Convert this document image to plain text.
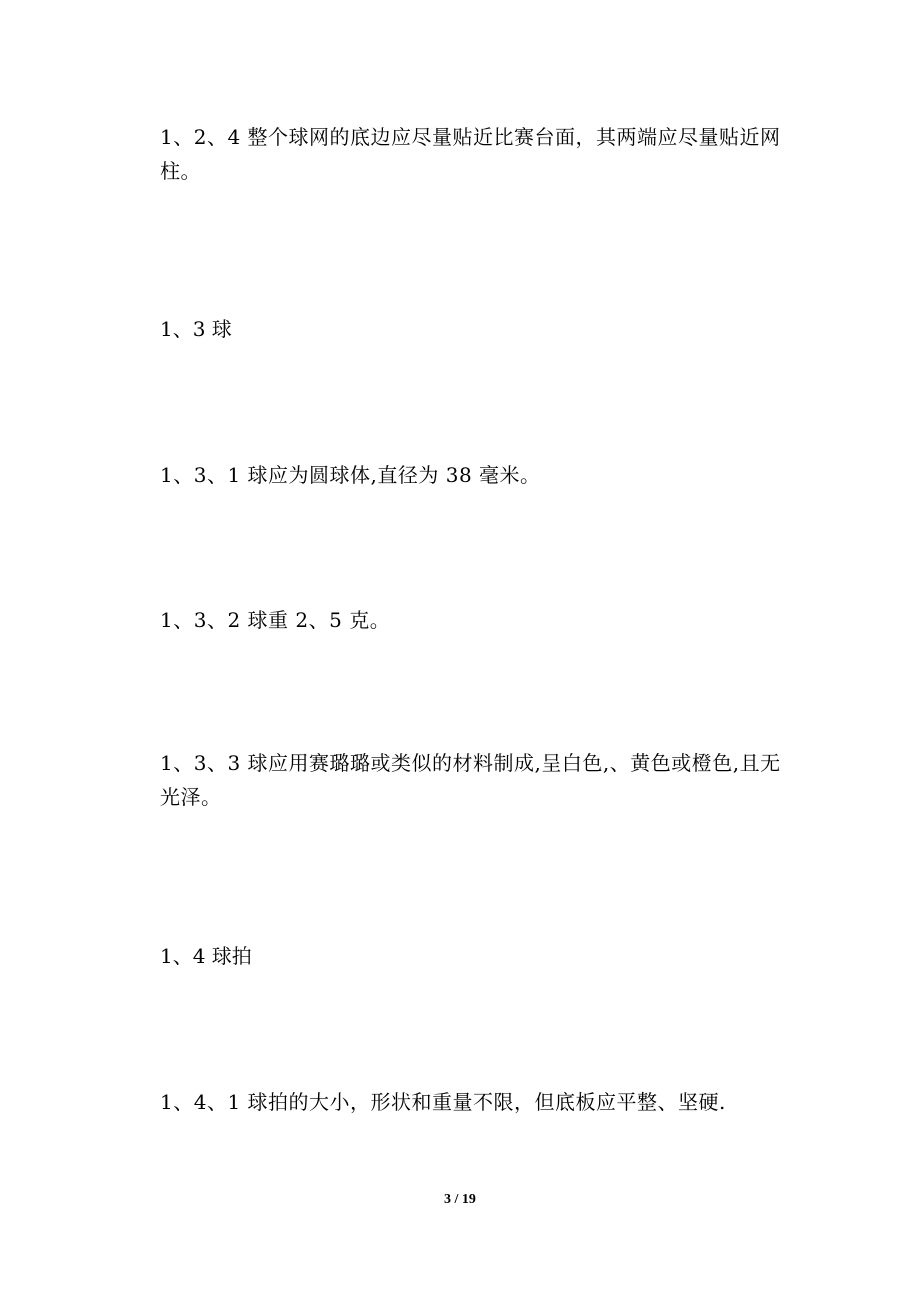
1、2、4 整个球网的底边应尽量贴近比赛台面，其两端应尽量贴近网柱。

1、3 球

1、3、1 球应为圆球体,直径为 38 毫米。

1、3、2 球重 2、5 克。

1、3、3 球应用赛璐璐或类似的材料制成,呈白色,、黄色或橙色,且无光泽。

1、4 球拍

1、4、1 球拍的大小，形状和重量不限，但底板应平整、坚硬.

3 / 19
